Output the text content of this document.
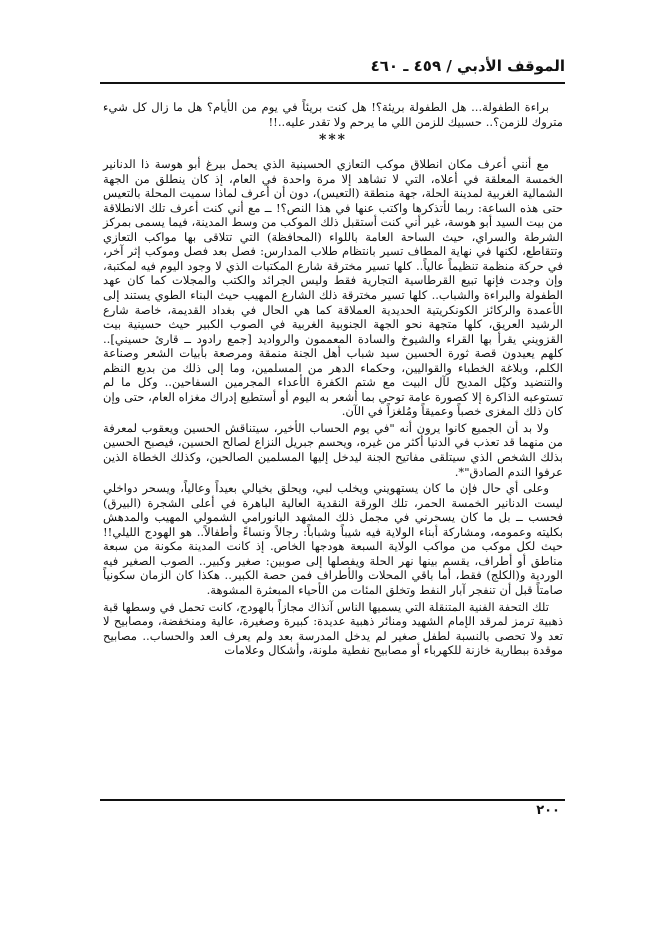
الموقف الأدبي / ٤٥٩ ـ ٤٦٠

براءة الطفولة... هل الطفولة بريئة؟! هل كنت بريئاً في يوم من الأيام؟ هل ما زال كل شيء متروك للزمن؟.. حسبيك للزمن اللي ما يرحم ولا تقدر عليه..!!

***

مع أنني أعرف مكان انطلاق موكب التعازي الحسينية الذي يحمل بيرغ أبو هوسة ذا الدنانير الخمسة المعلقة في أعلاه، التي لا تشاهد إلا مرة واحدة في العام، إذ كان ينطلق من الجهة الشمالية الغربية لمدينة الحلة، جهة منطقة (التعيس)، دون أن أعرف لماذا سميت المحلة بالتعيس حتى هذه الساعة: ربما لأتذكرها واكتب عنها في هذا النص؟! ــ مع أني كنت أعرف تلك الانطلاقة من بيت السيد أبو هوسة، غير أني كنت أستقبل ذلك الموكب من وسط المدينة، فيما يسمى بمركز الشرطة والسراي، حيث الساحة العامة باللواء (المحافظة) التي تتلاقى بها مواكب التعازي وتتقاطع، لكنها في نهاية المطاف تسير بانتظام طلاب المدارس: فصل بعد فصل وموكب إثر آخر، في حركة منظمة تنظيماً عالياً.. كلها تسير مخترقة شارع المكتبات الذي لا وجود اليوم فيه لمكتبة، وإن وجدت فإنها تبيع القرطاسية التجارية فقط وليس الجرائد والكتب والمجلات كما كان عهد الطفولة والبراءة والشباب.. كلها تسير مخترقة ذلك الشارع المهيب حيث البناء الطوي يستند إلى الأعمدة والركائز الكونكريتية الحديدية العملاقة كما هي الحال في بغداد القديمة، خاصة شارع الرشيد العريق، كلها متجهة نحو الجهة الجنوبية الغربية في الصوب الكبير حيث حسينية بيت القزويني يقرأ بها القراء والشيوخ والسادة المعممون والرواديد [جمع رادود ــ قارئ حسيني].. كلهم يعيدون قصة ثورة الحسين سيد شباب أهل الجنة منمقة ومرصعة بأبيات الشعر وصناعة الكلم، وبلاغة الخطباء والقواليين، وحكماء الدهر من المسلمين، وما إلى ذلك من بديع النظم والتنضيد وكيْل المديح لآل البيت مع شتم الكفرة الأعداء المجرمين السفاحين.. وكل ما لم تستوعبه الذاكرة إلا كصورة عامة توحي بما أشعر به اليوم أو أستطيع إدراك مغزاه العام، حتى وإن كان ذلك المغزى خصباً وعميقاً ومُلغزاً في الآن.

ولا بد أن الجميع كانوا يرون أنه "في يوم الحساب الأخير، سيتناقش الحسين ويعقوب لمعرفة من منهما قد تعذب في الدنيا أكثر من غيره، ويحسم جبريل النزاع لصالح الحسين، فيصبح الحسين بذلك الشخص الذي سيتلقى مفاتيح الجنة ليدخل إليها المسلمين الصالحين، وكذلك الخطاة الذين عرفوا الندم الصادق"*.

وعلى أي حال فإن ما كان يستهويني ويخلب لبي، ويحلق بخيالي بعيداً وعالياً، ويسحر دواخلي ليست الدنانير الخمسة الحمر، تلك الورقة النقدية العالية الباهرة في أعلى الشجرة (البيرق) فحسب ــ بل ما كان يسحرني في مجمل ذلك المشهد البانورامي الشمولي المهيب والمدهش بكليته وعمومه، ومشاركة أبناء الولاية فيه شيباً وشباباً: رجالاً ونساءً وأطفالاً.. هو الهودج الليلي!! حيث لكل موكب من مواكب الولاية السبعة هودجها الخاص. إذ كانت المدينة مكونة من سبعة مناطق أو أطراف، يقسم بينها نهر الحلة ويفصلها إلى صوبين: صغير وكبير.. الصوب الصغير فيه الوردية و(الكلج) فقط، أما باقي المحلات والأطراف فمن حصة الكبير.. هكذا كان الزمان سكونياً صامتاً قبل أن تنفجر آبار النفط وتخلق المئات من الأحياء المبعثرة المشوهة.

تلك التحفة الفنية المتنقلة التي يسميها الناس آنذاك مجازاً بالهودج، كانت تحمل في وسطها قبة ذهبية ترمز لمرقد الإمام الشهيد ومنائر ذهبية عديدة: كبيرة وصغيرة، عالية ومنخفضة، ومصابيح لا تعد ولا تحصى بالنسبة لطفل صغير لم يدخل المدرسة بعد ولم يعرف العد والحساب.. مصابيح موقدة ببطارية خازنة للكهرباء أو مصابيح نفطية ملونة، وأشكال وعلامات

٢٠٠
